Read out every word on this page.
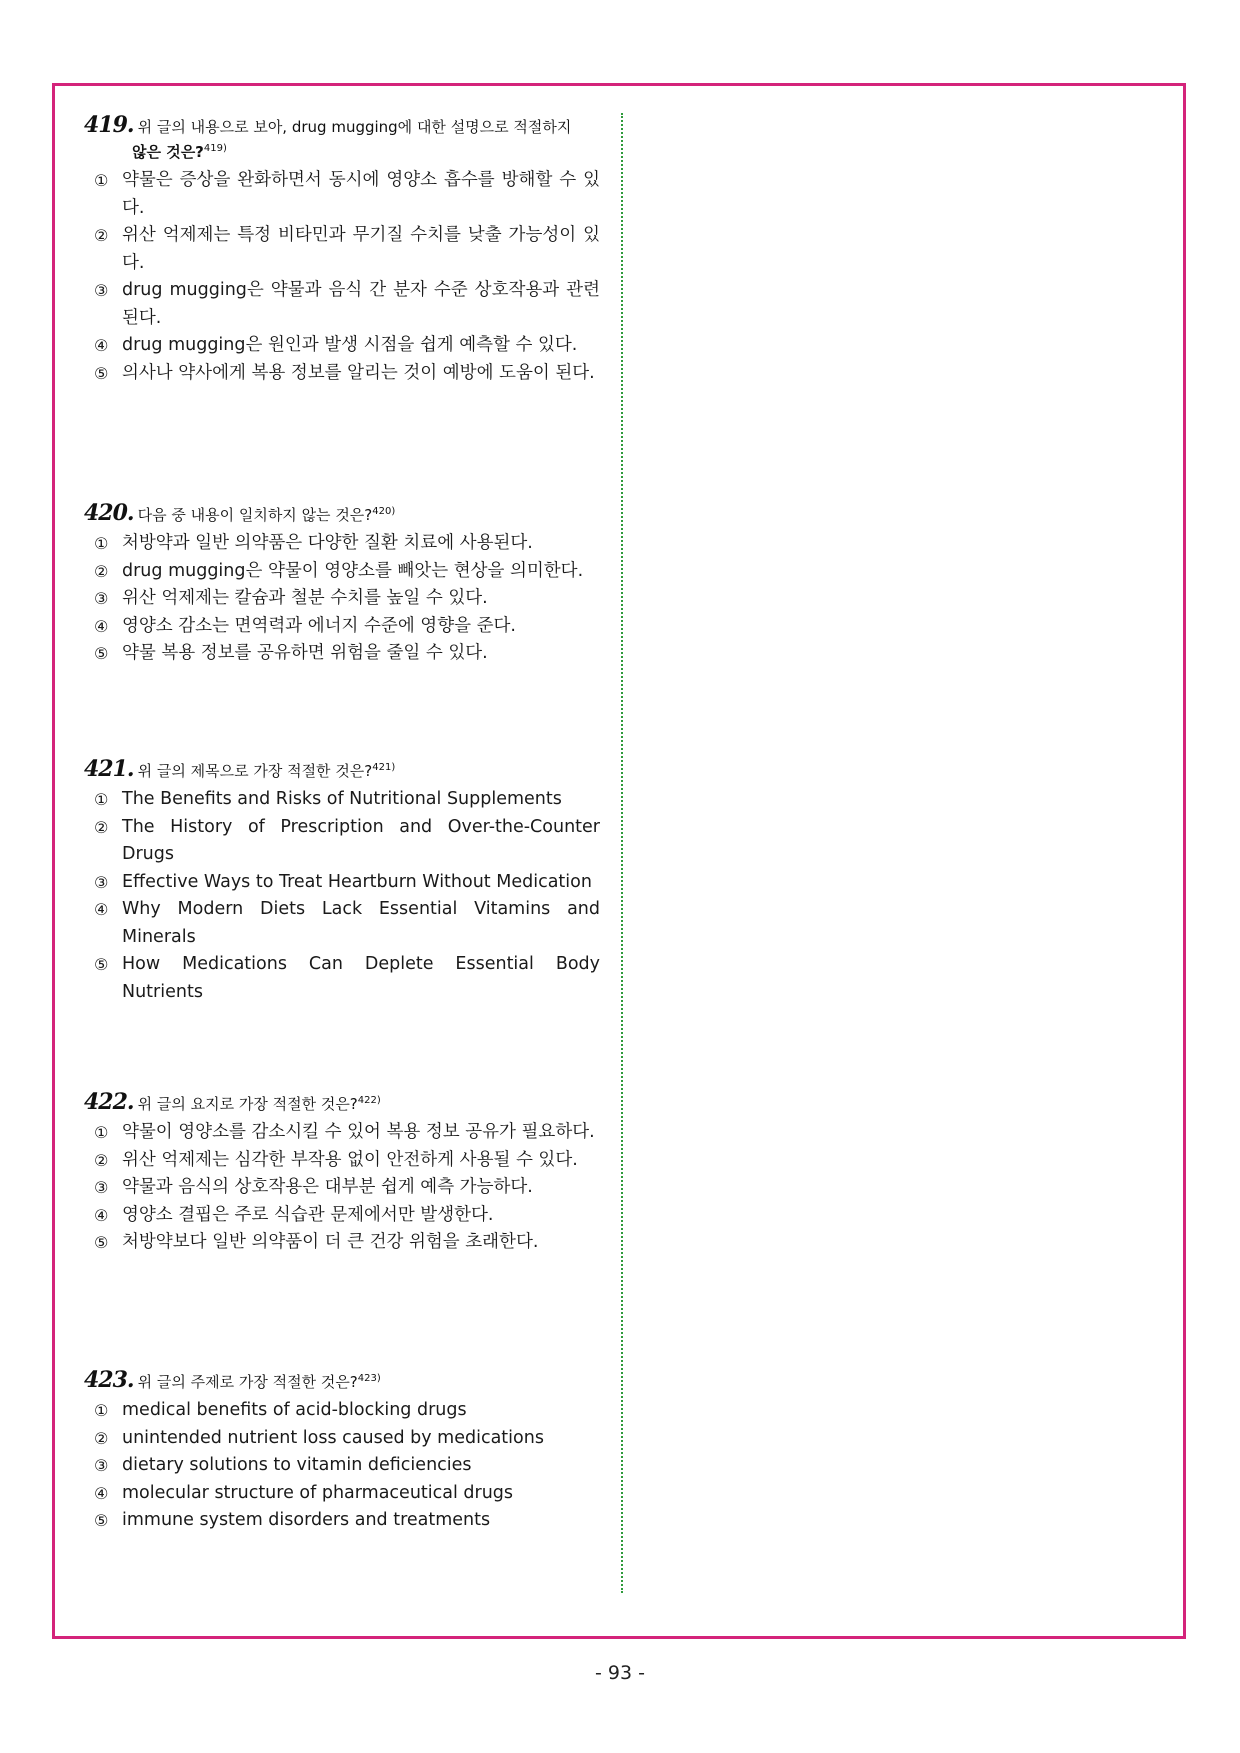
419. 위 글의 내용으로 보아, drug mugging에 대한 설명으로 적절하지
않은 것은?$^{419)}$
① 약물은 증상을 완화하면서 동시에 영양소 흡수를 방해할 수 있다.
② 위산 억제제는 특정 비타민과 무기질 수치를 낮출 가능성이 있다.
③ drug mugging은 약물과 음식 간 분자 수준 상호작용과 관련된다.
④ drug mugging은 원인과 발생 시점을 쉽게 예측할 수 있다.
⑤ 의사나 약사에게 복용 정보를 알리는 것이 예방에 도움이 된다.
420. 다음 중 내용이 일치하지 않는 것은?$^{420)}$
① 처방약과 일반 의약품은 다양한 질환 치료에 사용된다.
② drug mugging은 약물이 영양소를 빼앗는 현상을 의미한다.
③ 위산 억제제는 칼슘과 철분 수치를 높일 수 있다.
④ 영양소 감소는 면역력과 에너지 수준에 영향을 준다.
⑤ 약물 복용 정보를 공유하면 위험을 줄일 수 있다.
421. 위 글의 제목으로 가장 적절한 것은?$^{421)}$
① The Benefits and Risks of Nutritional Supplements
② The History of Prescription and Over-the-Counter Drugs
③ Effective Ways to Treat Heartburn Without Medication
④ Why Modern Diets Lack Essential Vitamins and Minerals
⑤ How Medications Can Deplete Essential Body Nutrients
422. 위 글의 요지로 가장 적절한 것은?$^{422)}$
① 약물이 영양소를 감소시킬 수 있어 복용 정보 공유가 필요하다.
② 위산 억제제는 심각한 부작용 없이 안전하게 사용될 수 있다.
③ 약물과 음식의 상호작용은 대부분 쉽게 예측 가능하다.
④ 영양소 결핍은 주로 식습관 문제에서만 발생한다.
⑤ 처방약보다 일반 의약품이 더 큰 건강 위험을 초래한다.
423. 위 글의 주제로 가장 적절한 것은?$^{423)}$
① medical benefits of acid-blocking drugs
② unintended nutrient loss caused by medications
③ dietary solutions to vitamin deficiencies
④ molecular structure of pharmaceutical drugs
⑤ immune system disorders and treatments
- 93 -
